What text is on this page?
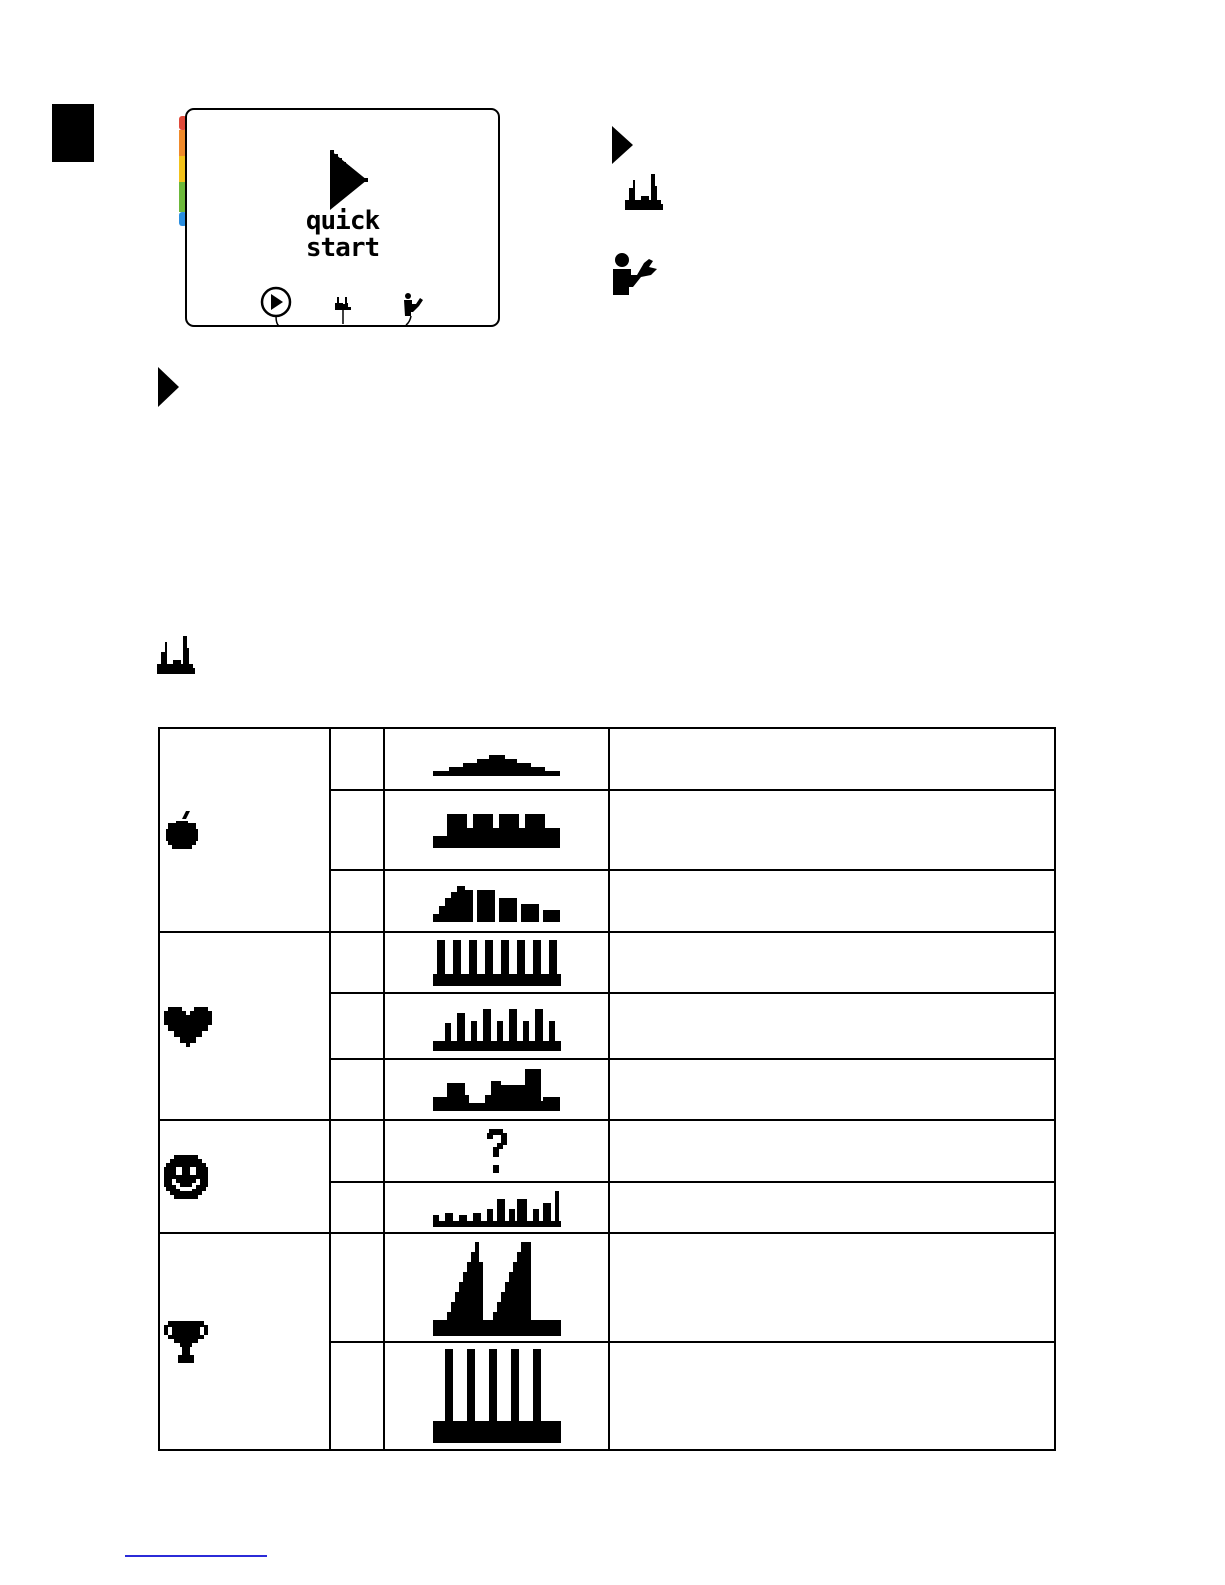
quick
start
